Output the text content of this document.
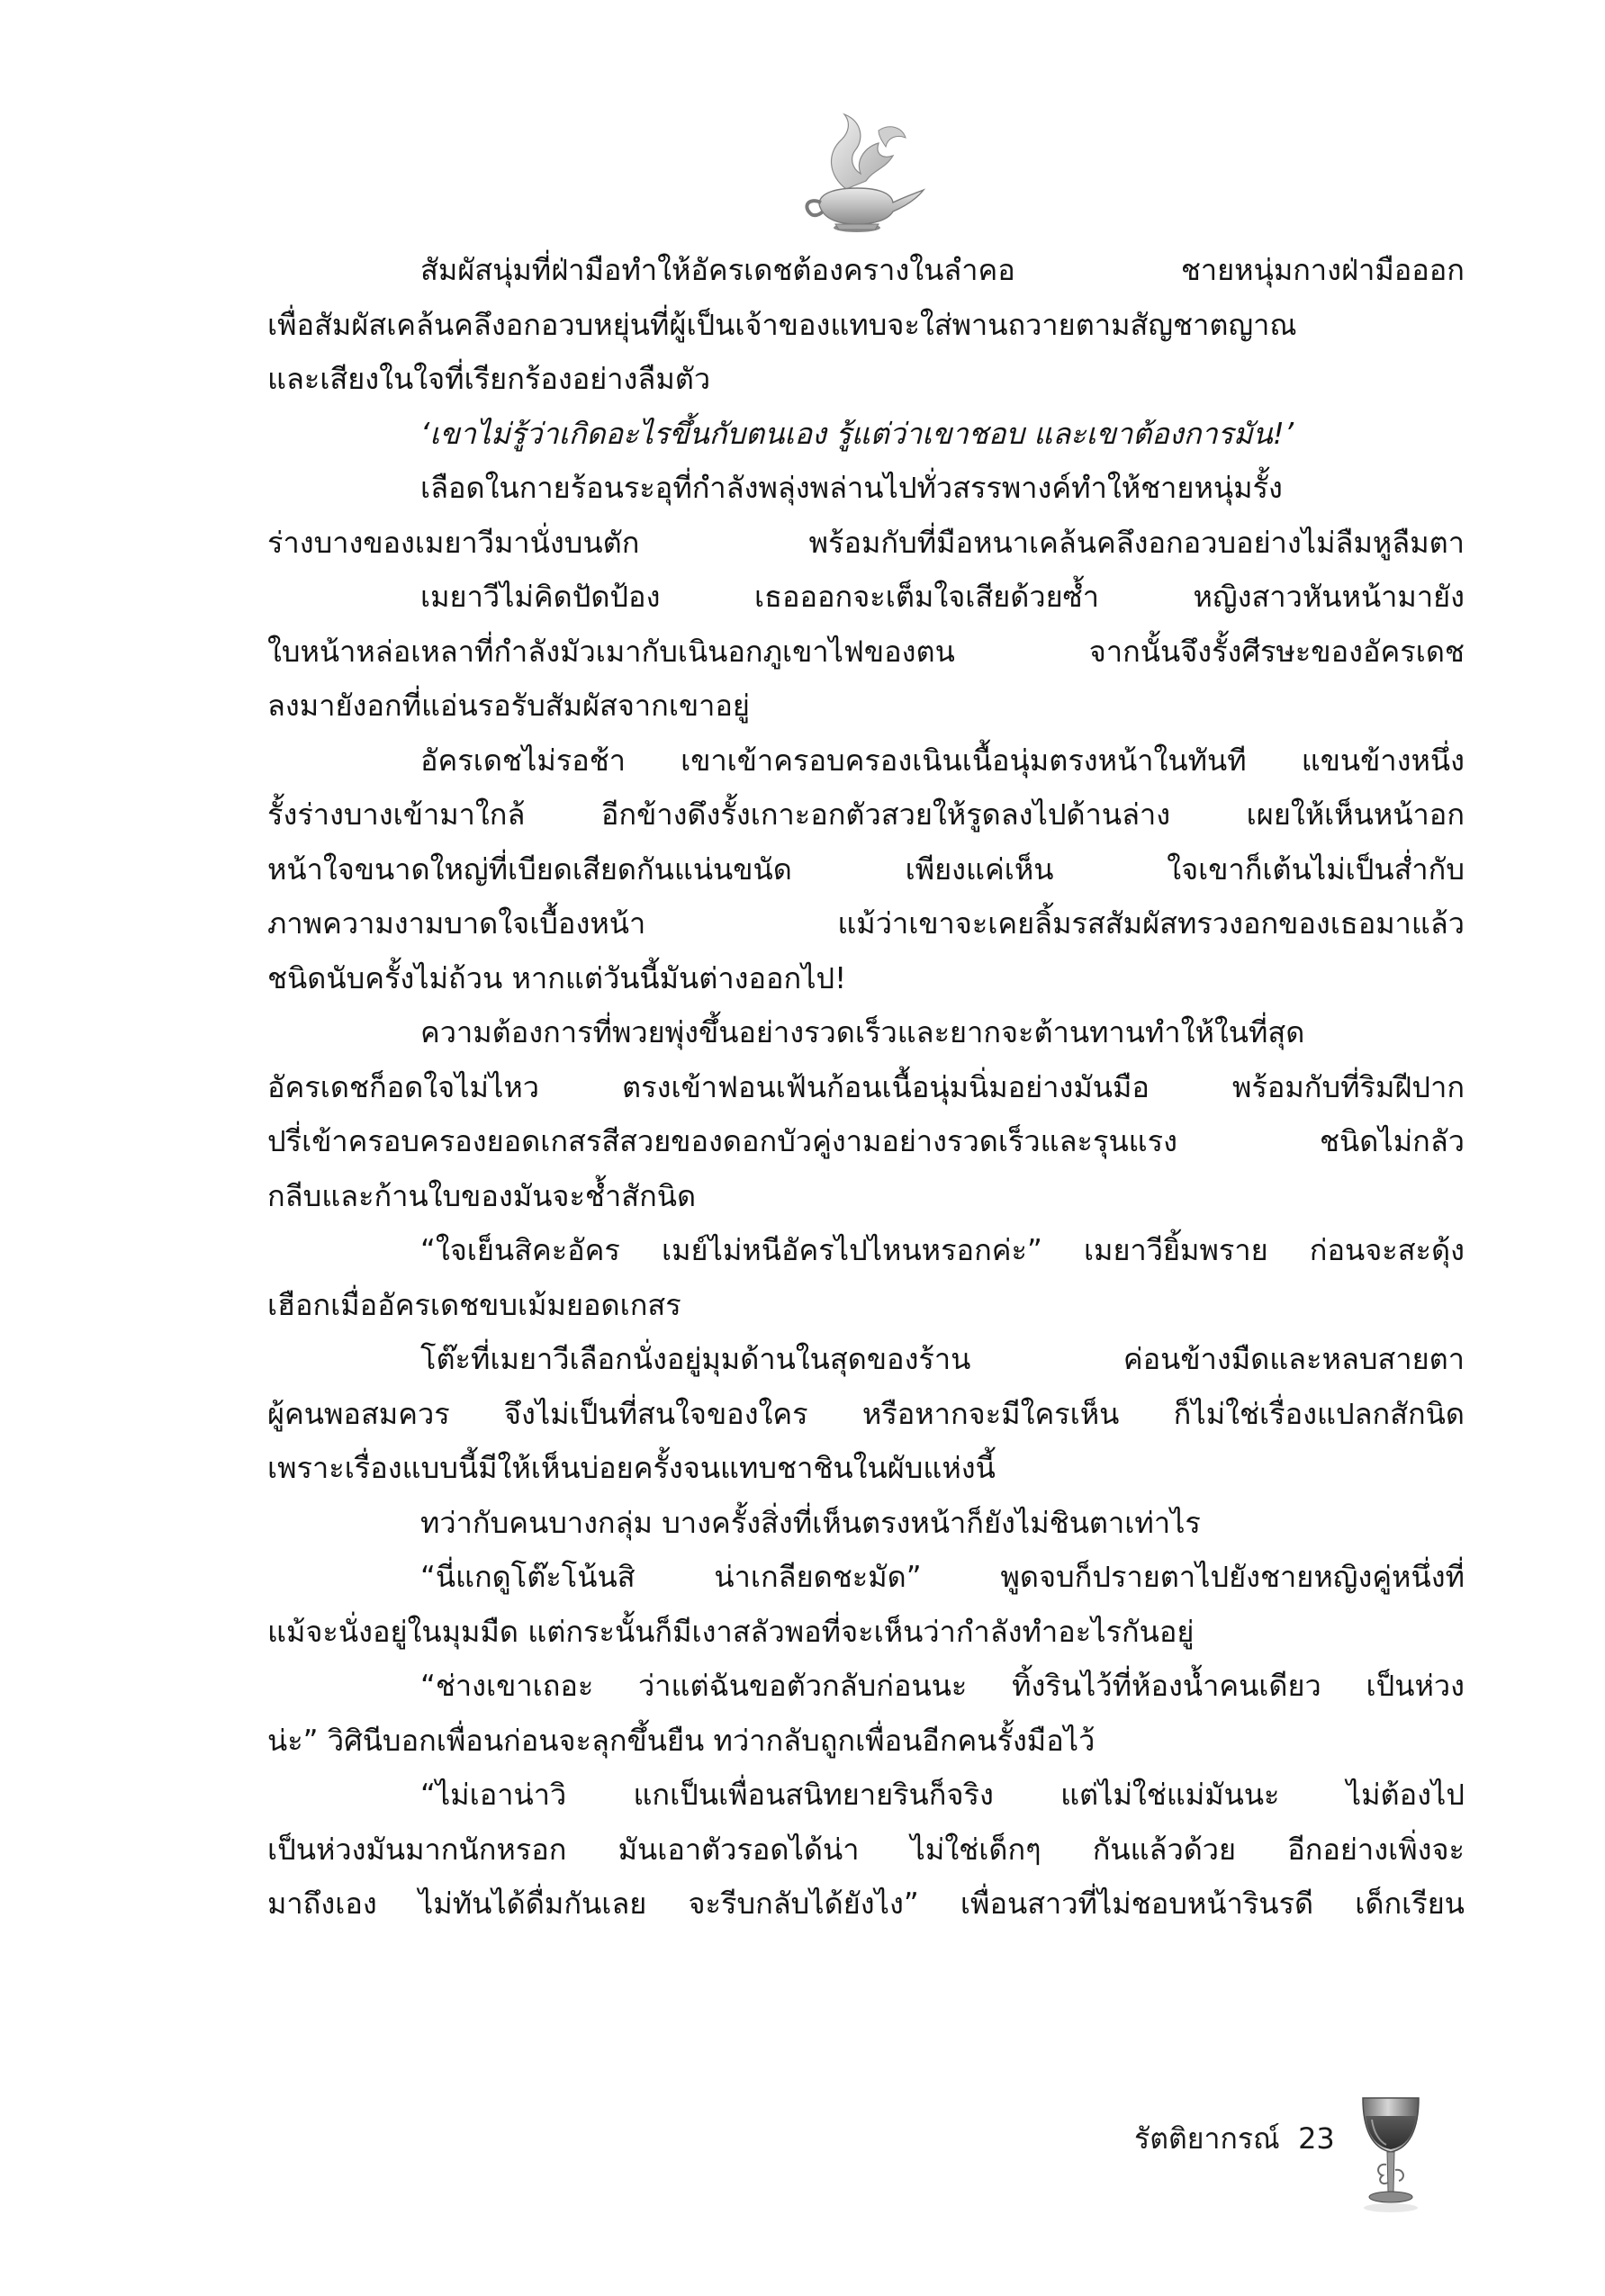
สัมผัสนุ่มที่ฝ่ามือทำให้อัครเดชต้องครางในลำคอ ชายหนุ่มกางฝ่ามือออก
เพื่อสัมผัสเคล้นคลึงอกอวบหยุ่นที่ผู้เป็นเจ้าของแทบจะใส่พานถวายตามสัญชาตญาณ
และเสียงในใจที่เรียกร้องอย่างลืมตัว
‘เขาไม่รู้ว่าเกิดอะไรขึ้นกับตนเอง รู้แต่ว่าเขาชอบ และเขาต้องการมัน!’
เลือดในกายร้อนระอุที่กำลังพลุ่งพล่านไปทั่วสรรพางค์ทำให้ชายหนุ่มรั้ง
ร่างบางของเมยาวีมานั่งบนตัก พร้อมกับที่มือหนาเคล้นคลึงอกอวบอย่างไม่ลืมหูลืมตา
เมยาวีไม่คิดปัดป้อง เธอออกจะเต็มใจเสียด้วยซ้ำ หญิงสาวหันหน้ามายัง
ใบหน้าหล่อเหลาที่กำลังมัวเมากับเนินอกภูเขาไฟของตน จากนั้นจึงรั้งศีรษะของอัครเดช
ลงมายังอกที่แอ่นรอรับสัมผัสจากเขาอยู่
อัครเดชไม่รอช้า เขาเข้าครอบครองเนินเนื้อนุ่มตรงหน้าในทันที แขนข้างหนึ่ง
รั้งร่างบางเข้ามาใกล้ อีกข้างดึงรั้งเกาะอกตัวสวยให้รูดลงไปด้านล่าง เผยให้เห็นหน้าอก
หน้าใจขนาดใหญ่ที่เบียดเสียดกันแน่นขนัด เพียงแค่เห็น ใจเขาก็เต้นไม่เป็นส่ำกับ
ภาพความงามบาดใจเบื้องหน้า แม้ว่าเขาจะเคยลิ้มรสสัมผัสทรวงอกของเธอมาแล้ว
ชนิดนับครั้งไม่ถ้วน หากแต่วันนี้มันต่างออกไป!
ความต้องการที่พวยพุ่งขึ้นอย่างรวดเร็วและยากจะต้านทานทำให้ในที่สุด
อัครเดชก็อดใจไม่ไหว ตรงเข้าฟอนเฟ้นก้อนเนื้อนุ่มนิ่มอย่างมันมือ พร้อมกับที่ริมฝีปาก
ปรี่เข้าครอบครองยอดเกสรสีสวยของดอกบัวคู่งามอย่างรวดเร็วและรุนแรง ชนิดไม่กลัว
กลีบและก้านใบของมันจะช้ำสักนิด
“ใจเย็นสิคะอัคร เมย์ไม่หนีอัครไปไหนหรอกค่ะ” เมยาวียิ้มพราย ก่อนจะสะดุ้ง
เฮือกเมื่ออัครเดชขบเม้มยอดเกสร
โต๊ะที่เมยาวีเลือกนั่งอยู่มุมด้านในสุดของร้าน ค่อนข้างมืดและหลบสายตา
ผู้คนพอสมควร จึงไม่เป็นที่สนใจของใคร หรือหากจะมีใครเห็น ก็ไม่ใช่เรื่องแปลกสักนิด
เพราะเรื่องแบบนี้มีให้เห็นบ่อยครั้งจนแทบชาชินในผับแห่งนี้
ทว่ากับคนบางกลุ่ม บางครั้งสิ่งที่เห็นตรงหน้าก็ยังไม่ชินตาเท่าไร
“นี่แกดูโต๊ะโน้นสิ น่าเกลียดชะมัด” พูดจบก็ปรายตาไปยังชายหญิงคู่หนึ่งที่
แม้จะนั่งอยู่ในมุมมืด แต่กระนั้นก็มีเงาสลัวพอที่จะเห็นว่ากำลังทำอะไรกันอยู่
“ช่างเขาเถอะ ว่าแต่ฉันขอตัวกลับก่อนนะ ทิ้งรินไว้ที่ห้องน้ำคนเดียว เป็นห่วง
น่ะ” วิศินีบอกเพื่อนก่อนจะลุกขึ้นยืน ทว่ากลับถูกเพื่อนอีกคนรั้งมือไว้
“ไม่เอาน่าวิ แกเป็นเพื่อนสนิทยายรินก็จริง แต่ไม่ใช่แม่มันนะ ไม่ต้องไป
เป็นห่วงมันมากนักหรอก มันเอาตัวรอดได้น่า ไม่ใช่เด็กๆ กันแล้วด้วย อีกอย่างเพิ่งจะ
มาถึงเอง ไม่ทันได้ดื่มกันเลย จะรีบกลับได้ยังไง” เพื่อนสาวที่ไม่ชอบหน้ารินรดี เด็กเรียน
รัตติยากรณ์ 23
